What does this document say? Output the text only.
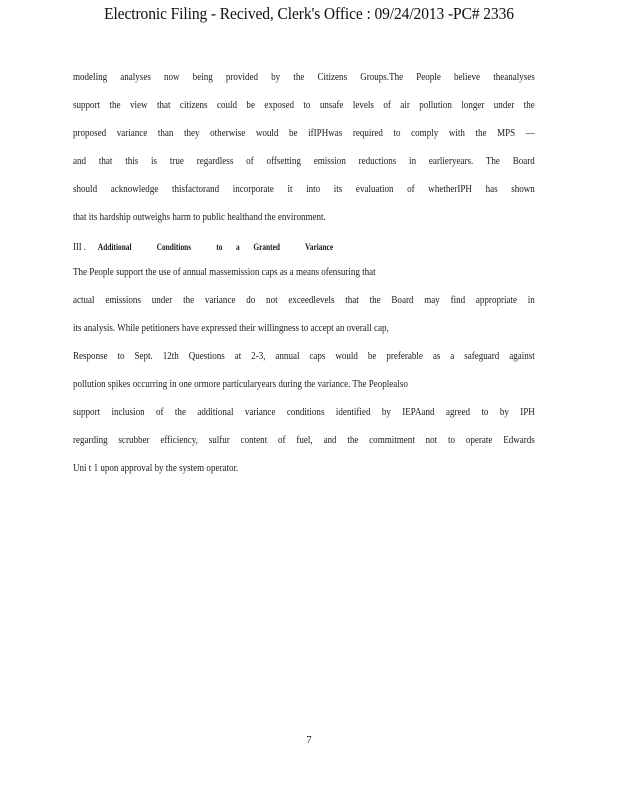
Electronic Filing - Recived, Clerk's Office : 09/24/2013 -PC# 2336
modeling analyses now being provided by the Citizens Groups.The People believe theanalyses
support the view that citizens could be exposed to unsafe levels of air pollution longer under the
proposed variance than they otherwise would be ifIPHwas required to comply with the MPS —
and that this is true regardless of offsetting emission reductions in earlieryears. The Board
should acknowledge thisfactorand incorporate it into its evaluation of whetherIPH has shown
that its hardship outweighs harm to public healthand the environment.
III . Additional	Conditions	to a Granted	Variance
The People support the use of annual massemission caps as a means ofensuring that
actual emissions under the variance do not exceedlevels that the Board may find appropriate in
its analysis. While petitioners have expressed their willingness to accept an overall cap,
Response to Sept. 12th Questions at 2-3, annual caps would be preferable as a safeguard against
pollution spikes occurring in one ormore particularyears during the variance. The Peoplealso
support inclusion of the additional variance conditions identified by IEPAand agreed to by IPH
regarding scrubber efficiency, sulfur content of fuel, and the commitment not to operate Edwards
Uni t 1 upon approval by the system operator.
7
